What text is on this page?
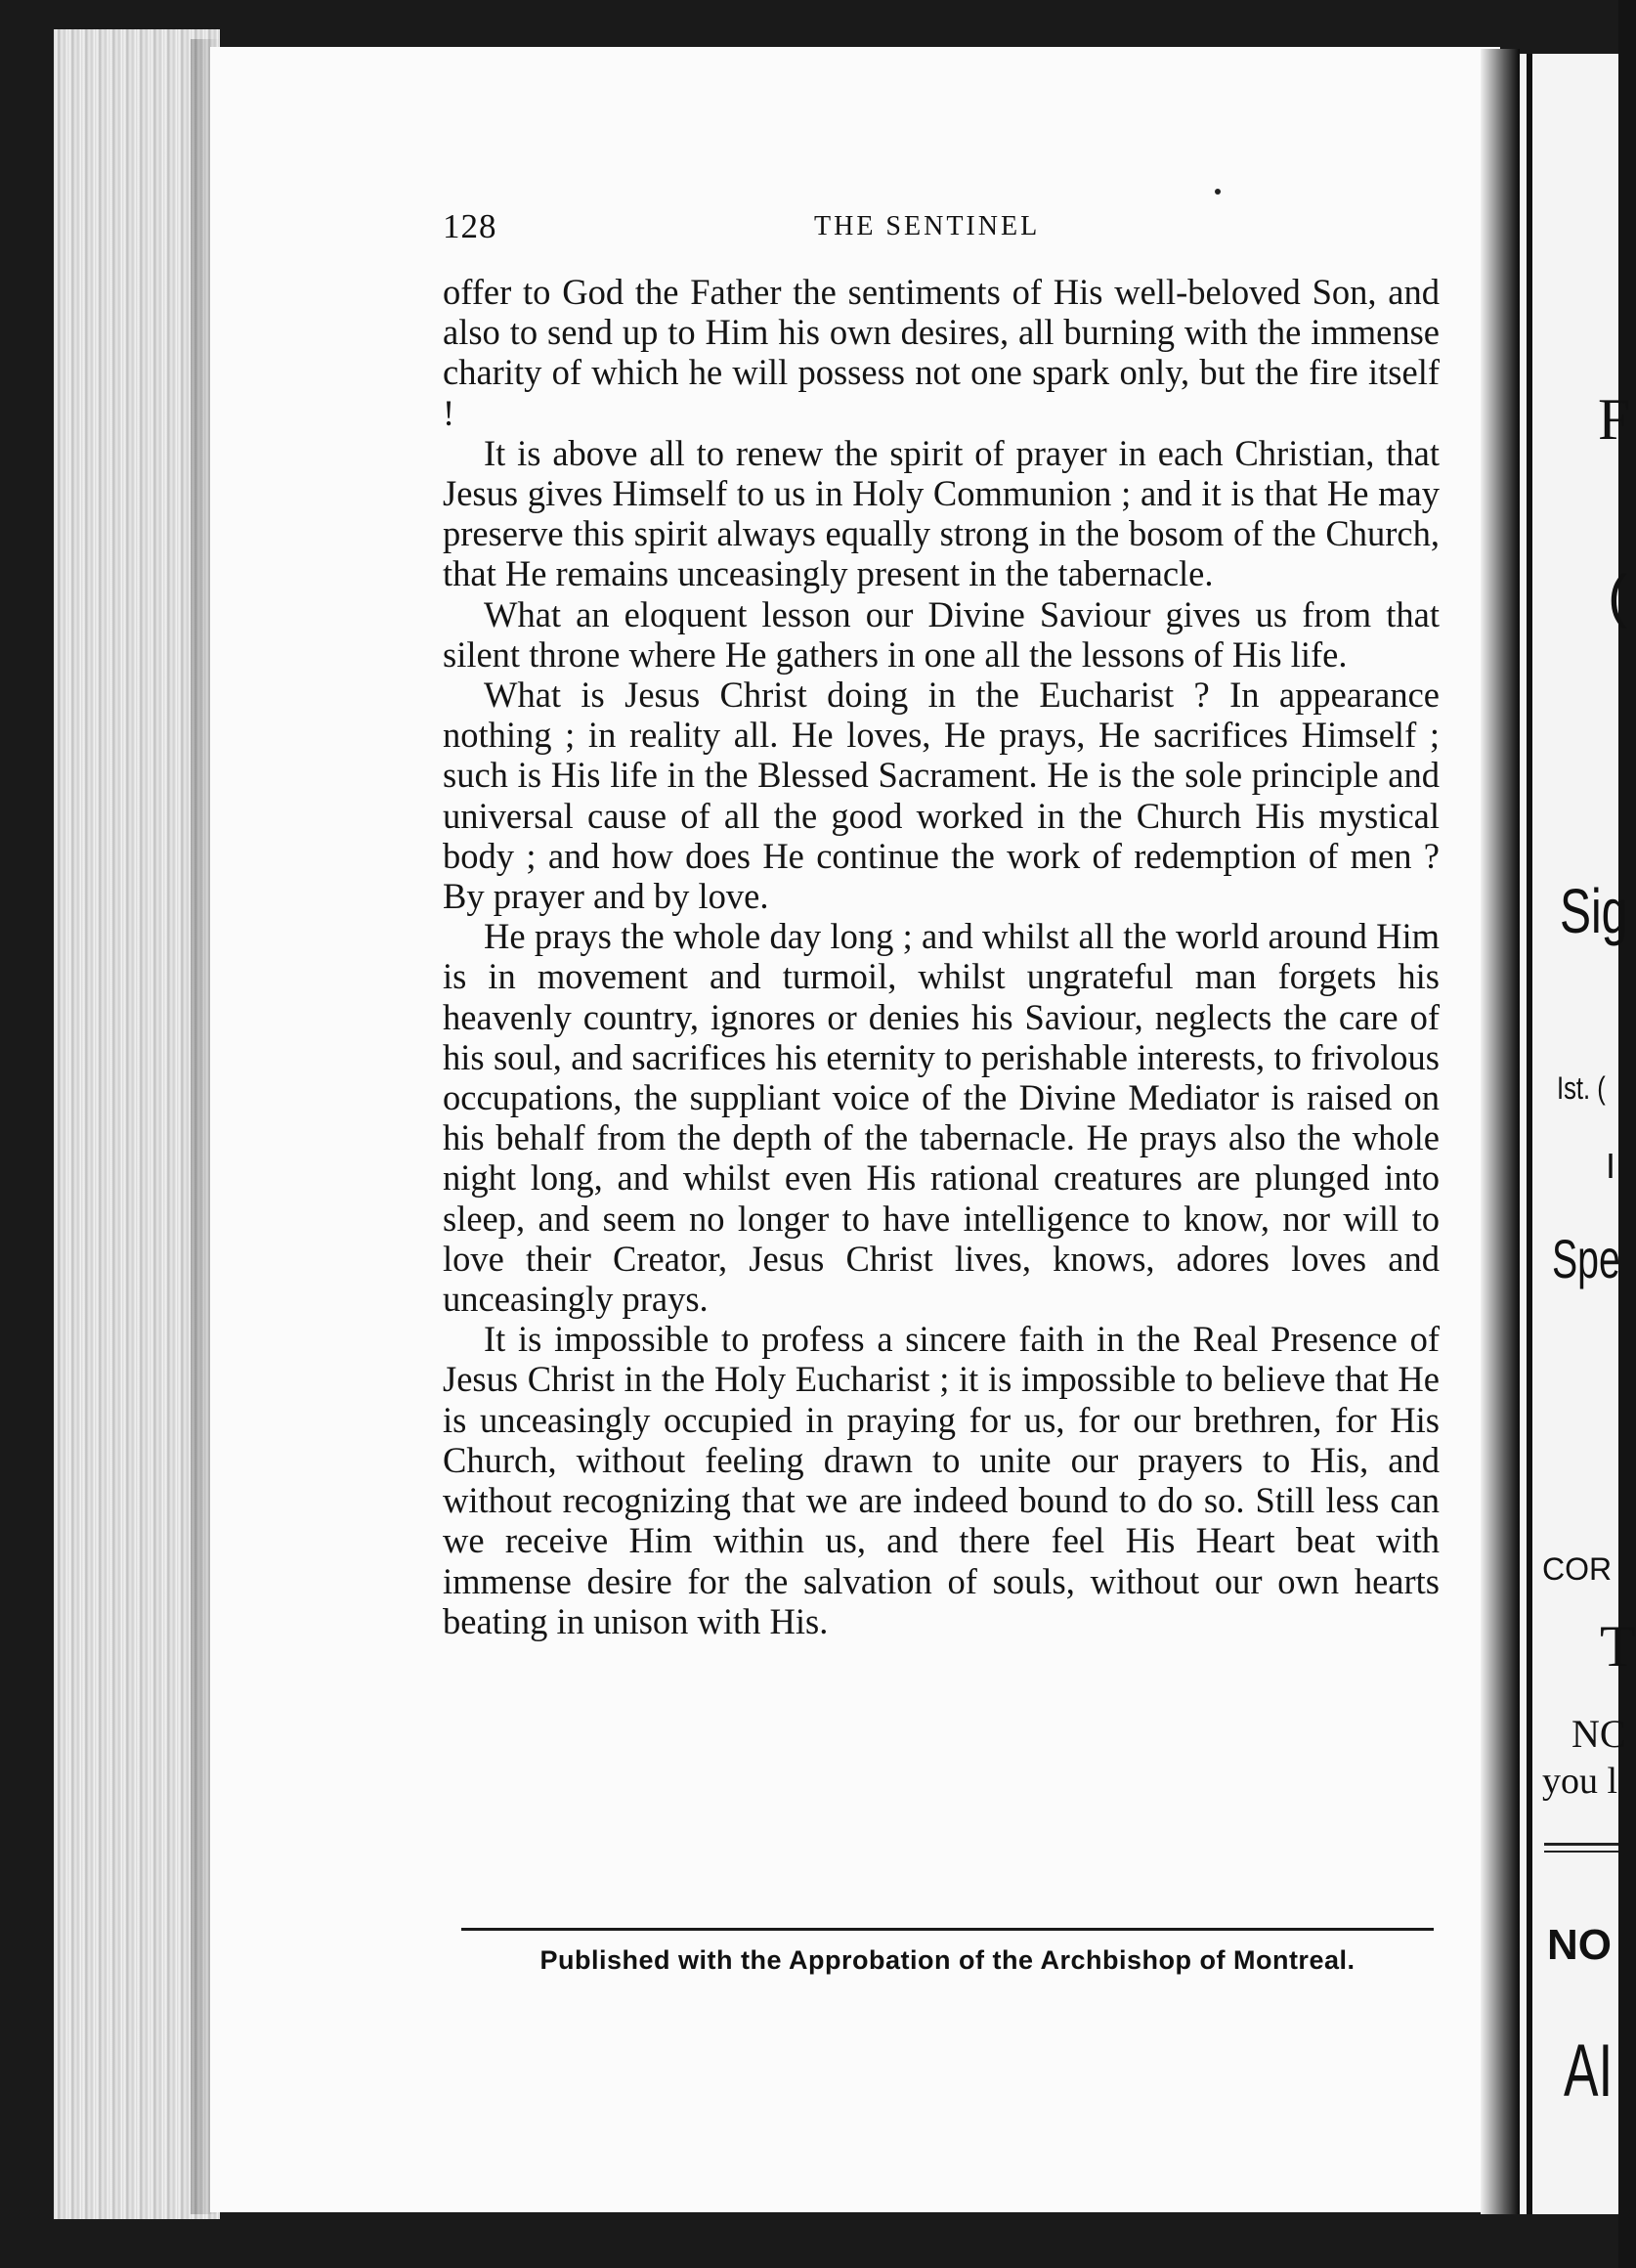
F
(
Sig
Ist. (
I
Spe
COR
T
NC
you l
NO
AI
128	THE SENTINEL

offer to God the Father the sentiments of His well-beloved Son, and also to send up to Him his own desires, all burning with the immense charity of which he will possess not one spark only, but the fire itself !

It is above all to renew the spirit of prayer in each Christian, that Jesus gives Himself to us in Holy Communion ; and it is that He may preserve this spirit always equally strong in the bosom of the Church, that He remains unceasingly present in the tabernacle.

What an eloquent lesson our Divine Saviour gives us from that silent throne where He gathers in one all the lessons of His life.

What is Jesus Christ doing in the Eucharist ? In appearance nothing ; in reality all. He loves, He prays, He sacrifices Himself ; such is His life in the Blessed Sacrament. He is the sole principle and universal cause of all the good worked in the Church His mystical body ; and how does He continue the work of redemption of men ? By prayer and by love.

He prays the whole day long ; and whilst all the world around Him is in movement and turmoil, whilst ungrateful man forgets his heavenly country, ignores or denies his Saviour, neglects the care of his soul, and sacrifices his eternity to perishable interests, to frivolous occupations, the suppliant voice of the Divine Mediator is raised on his behalf from the depth of the tabernacle. He prays also the whole night long, and whilst even His rational creatures are plunged into sleep, and seem no longer to have intelligence to know, nor will to love their Creator, Jesus Christ lives, knows, adores loves and unceasingly prays.

It is impossible to profess a sincere faith in the Real Presence of Jesus Christ in the Holy Eucharist ; it is impossible to believe that He is unceasingly occupied in praying for us, for our brethren, for His Church, without feeling drawn to unite our prayers to His, and without recognizing that we are indeed bound to do so. Still less can we receive Him within us, and there feel His Heart beat with immense desire for the salvation of souls, without our own hearts beating in unison with His.

Published with the Approbation of the Archbishop of Montreal.
